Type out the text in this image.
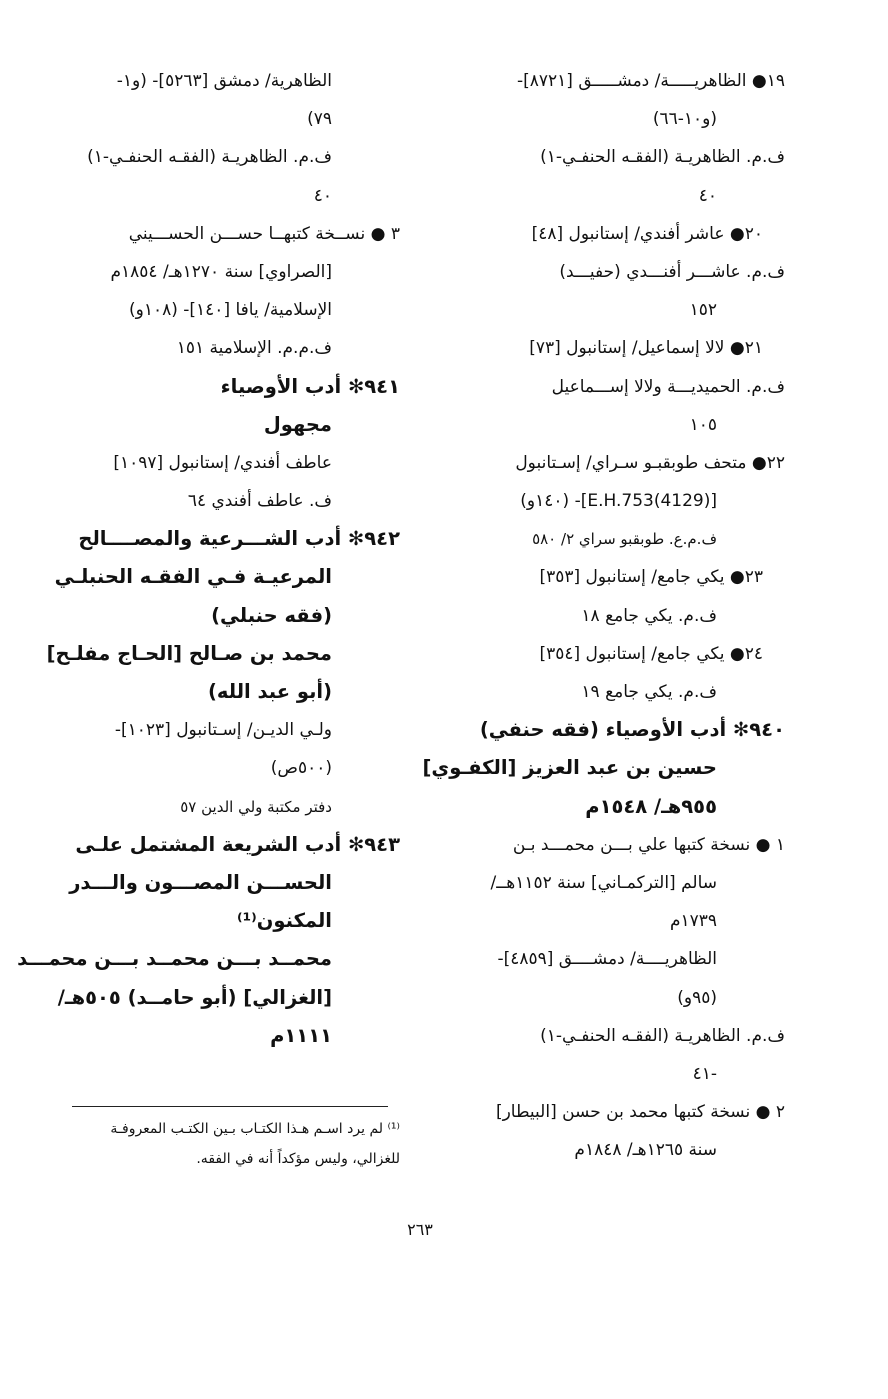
١٩● الظاهريـــــة/ دمشـــــق [٨٧٢١]-
(و١٠-٦٦)
ف.م. الظاهريـة (الفقـه الحنفـي-١)
٤٠
٢٠● عاشر أفندي/ إستانبول [٤٨]
ف.م. عاشـــر أفنـــدي (حفيـــد)
١٥٢
٢١● لالا إسماعيل/ إستانبول [٧٣]
ف.م. الحميديـــة ولالا إســـماعيل
١٠٥
٢٢● متحف طوبقبـو سـراي/ إسـتانبول
[(4129)E.H.753]- (١٤٠و)
ف.م.ع. طوبقبو سراي ٢/ ٥٨٠
٢٣● يكي جامع/ إستانبول [٣٥٣]
ف.م. يكي جامع ١٨
٢٤● يكي جامع/ إستانبول [٣٥٤]
ف.م. يكي جامع ١٩
٩٤٠✻ أدب الأوصياء (فقه حنفي)
حسين بن عبد العزيز [الكفـوي]
٩٥٥هـ/ ١٥٤٨م
١ ● نسخة كتبها علي بـــن محمـــد بـن
سالم [التركمـاني] سنة ١١٥٢هــ/
١٧٣٩م
الظاهريــــة/ دمشــــق [٤٨٥٩]-
(٩٥و)
ف.م. الظاهريـة (الفقـه الحنفـي-١)
-٤١
٢ ● نسخة كتبها محمد بن حسن [البيطار]
سنة ١٢٦٥هـ/ ١٨٤٨م
الظاهرية/ دمشق [٥٢٦٣]- (و١-
٧٩)
ف.م. الظاهريـة (الفقـه الحنفـي-١)
٤٠
٣ ● نســخة كتبهــا حســـن الحســـيني
[الصراوي] سنة ١٢٧٠هـ/ ١٨٥٤م
الإسلامية/ يافا [١٤٠]- (١٠٨و)
ف.م.م. الإسلامية ١٥١
٩٤١✻ أدب الأوصياء
مجهول
عاطف أفندي/ إستانبول [١٠٩٧]
ف. عاطف أفندي ٦٤
٩٤٢✻ أدب الشـــرعية والمصــــالح
المرعيـة فـي الفقـه الحنبلـي
(فقه حنبلي)
محمد بن صـالح [الحـاج مفلـح]
(أبو عبد الله)
ولـي الديـن/ إسـتانبول [١٠٢٣]-
(٥٠٠ص)
دفتر مكتبة ولي الدين ٥٧
٩٤٣✻ أدب الشريعة المشتمل علـى
الحســـن المصـــون والـــدر
المكنون⁽¹⁾
محمــد بـــن محمــد بـــن محمـــد
[الغزالي] (أبو حامــد) ٥٠٥هـ/
١١١١م
⁽¹⁾ لم يرد اسـم هـذا الكتـاب بـين الكتـب المعروفـة
للغزالي، وليس مؤكداً أنه في الفقه.
٢٦٣
